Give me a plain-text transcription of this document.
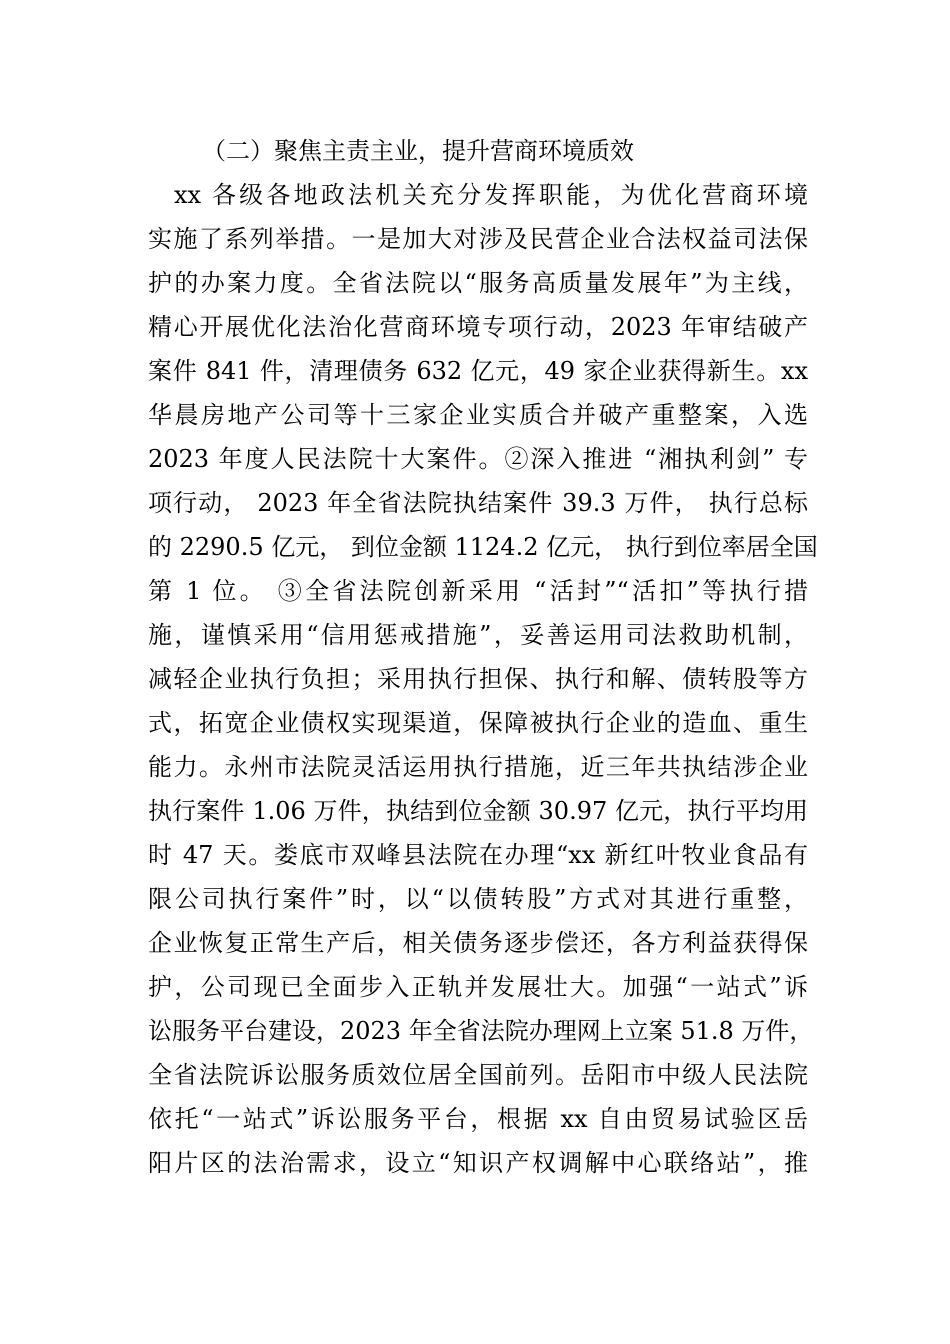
（二）聚焦主责主业，提升营商环境质效
xx 各级各地政法机关充分发挥职能，为优化营商环境
实施了系列举措。一是加大对涉及民营企业合法权益司法保
护的办案力度。全省法院以“服务高质量发展年”为主线，
精心开展优化法治化营商环境专项行动，2023 年审结破产
案件 841 件，清理债务 632 亿元，49 家企业获得新生。xx
华晨房地产公司等十三家企业实质合并破产重整案，入选
2023 年度人民法院十大案件。②深入推进 “湘执利剑” 专
项行动， 2023 年全省法院执结案件 39.3 万件， 执行总标
的 2290.5 亿元， 到位金额 1124.2 亿元， 执行到位率居全国
第 1 位。 ③全省法院创新采用 “活封”“活扣”等执行措
施，谨慎采用“信用惩戒措施”，妥善运用司法救助机制，
减轻企业执行负担；采用执行担保、执行和解、债转股等方
式，拓宽企业债权实现渠道，保障被执行企业的造血、重生
能力。永州市法院灵活运用执行措施，近三年共执结涉企业
执行案件 1.06 万件，执结到位金额 30.97 亿元，执行平均用
时 47 天。娄底市双峰县法院在办理“xx 新红叶牧业食品有
限公司执行案件”时，以“以债转股”方式对其进行重整，
企业恢复正常生产后，相关债务逐步偿还，各方利益获得保
护，公司现已全面步入正轨并发展壮大。加强“一站式”诉
讼服务平台建设，2023 年全省法院办理网上立案 51.8 万件，
全省法院诉讼服务质效位居全国前列。岳阳市中级人民法院
依托“一站式”诉讼服务平台，根据 xx 自由贸易试验区岳
阳片区的法治需求，设立“知识产权调解中心联络站”，推
